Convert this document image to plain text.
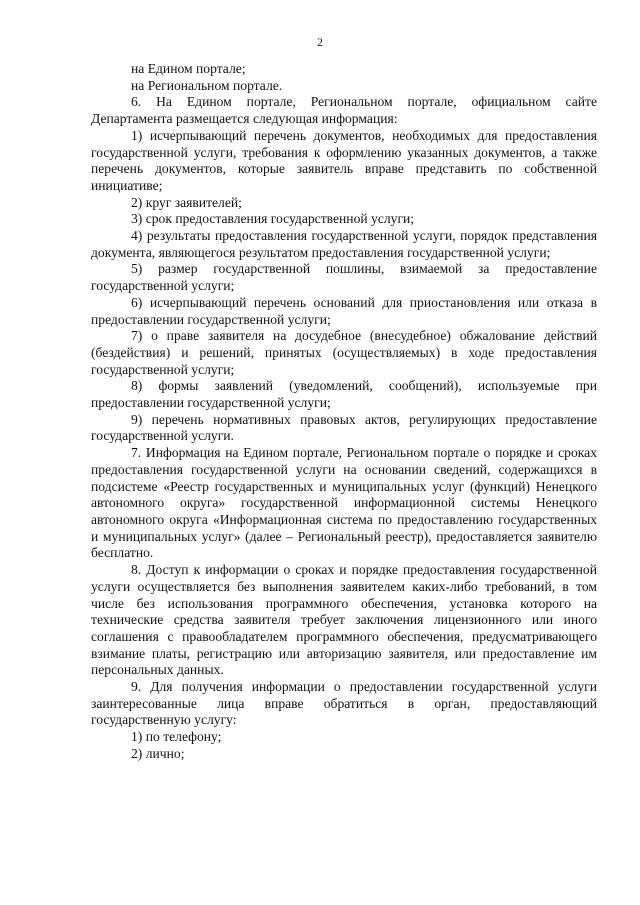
2

на Едином портале;

на Региональном портале.

6. На Едином портале, Региональном портале, официальном сайте Департамента размещается следующая информация:

1) исчерпывающий перечень документов, необходимых для предоставления государственной услуги, требования к оформлению указанных документов, а также перечень документов, которые заявитель вправе представить по собственной инициативе;

2) круг заявителей;

3) срок предоставления государственной услуги;

4) результаты предоставления государственной услуги, порядок представления документа, являющегося результатом предоставления государственной услуги;

5) размер государственной пошлины, взимаемой за предоставление государственной услуги;

6) исчерпывающий перечень оснований для приостановления или отказа в предоставлении государственной услуги;

7) о праве заявителя на досудебное (внесудебное) обжалование действий (бездействия) и решений, принятых (осуществляемых) в ходе предоставления государственной услуги;

8) формы заявлений (уведомлений, сообщений), используемые при предоставлении государственной услуги;

9) перечень нормативных правовых актов, регулирующих предоставление государственной услуги.

7. Информация на Едином портале, Региональном портале о порядке и сроках предоставления государственной услуги на основании сведений, содержащихся в подсистеме «Реестр государственных и муниципальных услуг (функций) Ненецкого автономного округа» государственной информационной системы Ненецкого автономного округа «Информационная система по предоставлению государственных и муниципальных услуг» (далее – Региональный реестр), предоставляется заявителю бесплатно.

8. Доступ к информации о сроках и порядке предоставления государственной услуги осуществляется без выполнения заявителем каких-либо требований, в том числе без использования программного обеспечения, установка которого на технические средства заявителя требует заключения лицензионного или иного соглашения с правообладателем программного обеспечения, предусматривающего взимание платы, регистрацию или авторизацию заявителя, или предоставление им персональных данных.

9. Для получения информации о предоставлении государственной услуги заинтересованные лица вправе обратиться в орган, предоставляющий государственную услугу:

1) по телефону;

2) лично;
